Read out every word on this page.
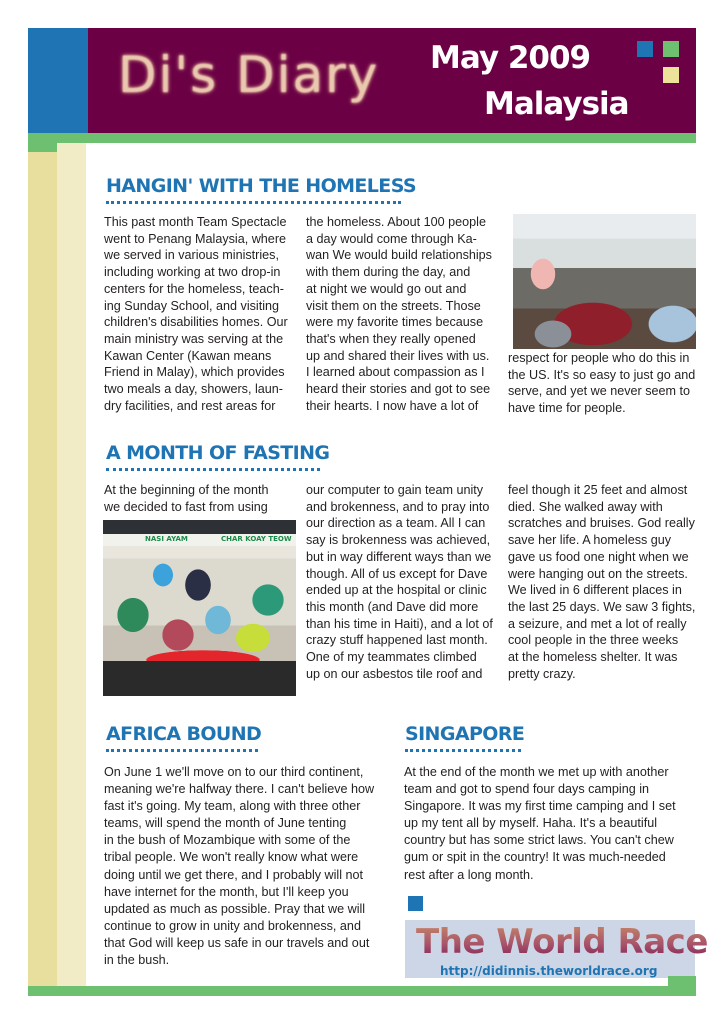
Di's Diary May 2009
Malaysia
HANGIN' WITH THE HOMELESS

This past month Team Spectacle

went to Penang Malaysia, where

we served in various ministries,

including working at two drop-in

centers for the homeless, teach-

ing Sunday School, and visiting

children's disabilities homes. Our

main ministry was serving at the

Kawan Center (Kawan means

Friend in Malay), which provides

two meals a day, showers, laun-

dry facilities, and rest areas for

the homeless. About 100 people

a day would come through Ka-

wan We would build relationships

with them during the day, and

at night we would go out and

visit them on the streets. Those

were my favorite times because

that's when they really opened

up and shared their lives with us.

I learned about compassion as I

heard their stories and got to see

their hearts. I now have a lot of

respect for people who do this in

the US. It's so easy to just go and

serve, and yet we never seem to

have time for people.

A MONTH OF FASTING

At the beginning of the month

we decided to fast from using

NASI AYAM	CHAR KOAY TEOW

our computer to gain team unity

and brokenness, and to pray into

our direction as a team. All I can

say is brokenness was achieved,

but in way different ways than we

though. All of us except for Dave

ended up at the hospital or clinic

this month (and Dave did more

than his time in Haiti), and a lot of

crazy stuff happened last month.

One of my teammates climbed

up on our asbestos tile roof and

feel though it 25 feet and almost

died. She walked away with

scratches and bruises. God really

save her life. A homeless guy

gave us food one night when we

were hanging out on the streets.

We lived in 6 different places in

the last 25 days. We saw 3 fights,

a seizure, and met a lot of really

cool people in the three weeks

at the homeless shelter. It was

pretty crazy.

AFRICA BOUND

On June 1 we'll move on to our third continent,

meaning we're halfway there. I can't believe how

fast it's going. My team, along with three other

teams, will spend the month of June tenting

in the bush of Mozambique with some of the

tribal people. We won't really know what were

doing until we get there, and I probably will not

have internet for the month, but I'll keep you

updated as much as possible. Pray that we will

continue to grow in unity and brokenness, and

that God will keep us safe in our travels and out

in the bush.

SINGAPORE

At the end of the month we met up with another

team and got to spend four days camping in

Singapore. It was my first time camping and I set

up my tent all by myself. Haha. It's a beautiful

country but has some strict laws. You can't chew

gum or spit in the country! It was much-needed

rest after a long month.

The World Race
http://didinnis.theworldrace.org
